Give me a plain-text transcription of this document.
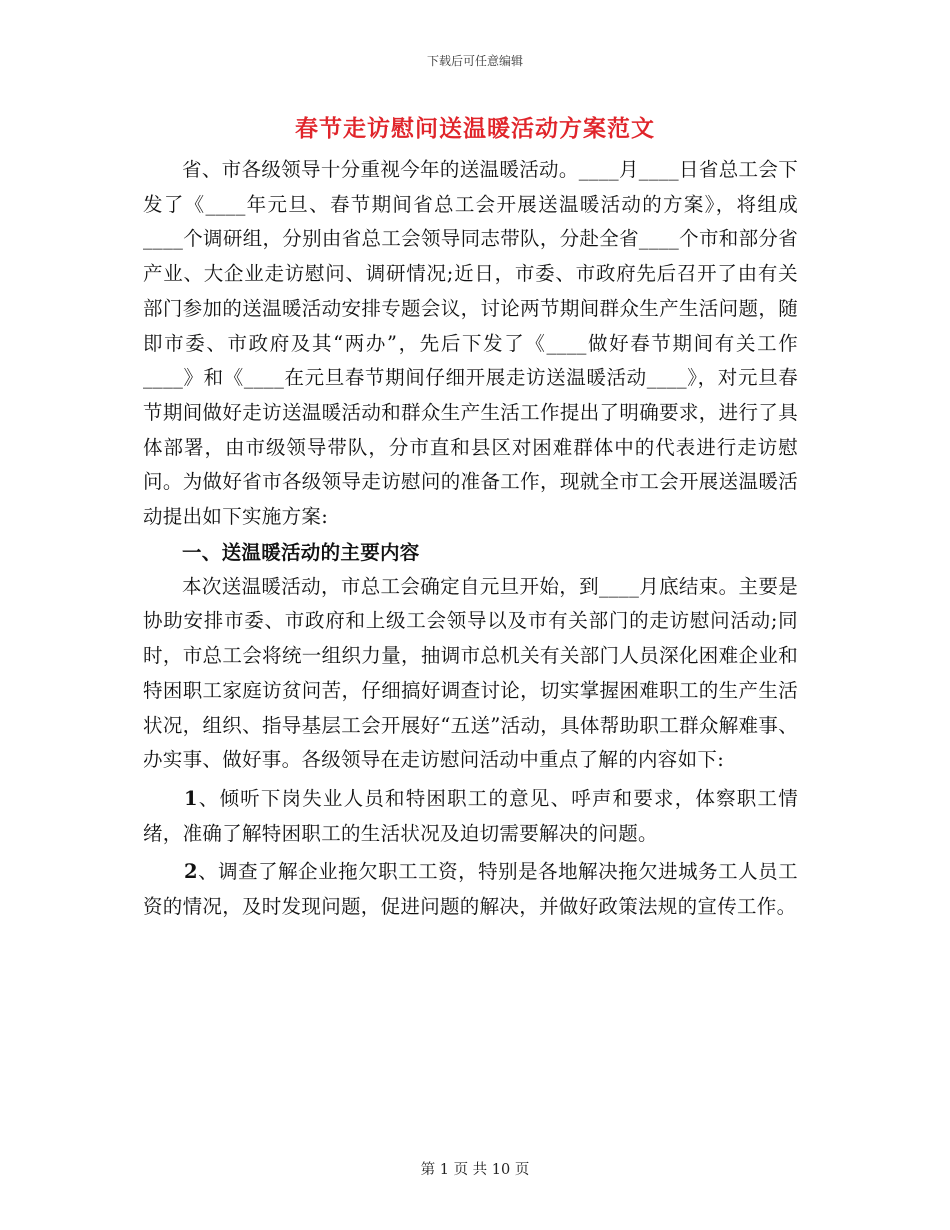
下载后可任意编辑
春节走访慰问送温暖活动方案范文

省、市各级领导十分重视今年的送温暖活动。____月____日省总工会下发了《____年元旦、春节期间省总工会开展送温暖活动的方案》，将组成____个调研组，分别由省总工会领导同志带队，分赴全省____个市和部分省产业、大企业走访慰问、调研情况;近日，市委、市政府先后召开了由有关部门参加的送温暖活动安排专题会议，讨论两节期间群众生产生活问题，随即市委、市政府及其“两办”，先后下发了《____做好春节期间有关工作____》和《____在元旦春节期间仔细开展走访送温暖活动____》，对元旦春节期间做好走访送温暖活动和群众生产生活工作提出了明确要求，进行了具体部署，由市级领导带队，分市直和县区对困难群体中的代表进行走访慰问。为做好省市各级领导走访慰问的准备工作，现就全市工会开展送温暖活动提出如下实施方案:

一、送温暖活动的主要内容

本次送温暖活动，市总工会确定自元旦开始，到____月底结束。主要是协助安排市委、市政府和上级工会领导以及市有关部门的走访慰问活动;同时，市总工会将统一组织力量，抽调市总机关有关部门人员深化困难企业和特困职工家庭访贫问苦，仔细搞好调查讨论，切实掌握困难职工的生产生活状况，组织、指导基层工会开展好“五送”活动，具体帮助职工群众解难事、办实事、做好事。各级领导在走访慰问活动中重点了解的内容如下:

1、倾听下岗失业人员和特困职工的意见、呼声和要求，体察职工情绪，准确了解特困职工的生活状况及迫切需要解决的问题。

2、调查了解企业拖欠职工工资，特别是各地解决拖欠进城务工人员工资的情况，及时发现问题，促进问题的解决，并做好政策法规的宣传工作。

第 1 页 共 10 页
